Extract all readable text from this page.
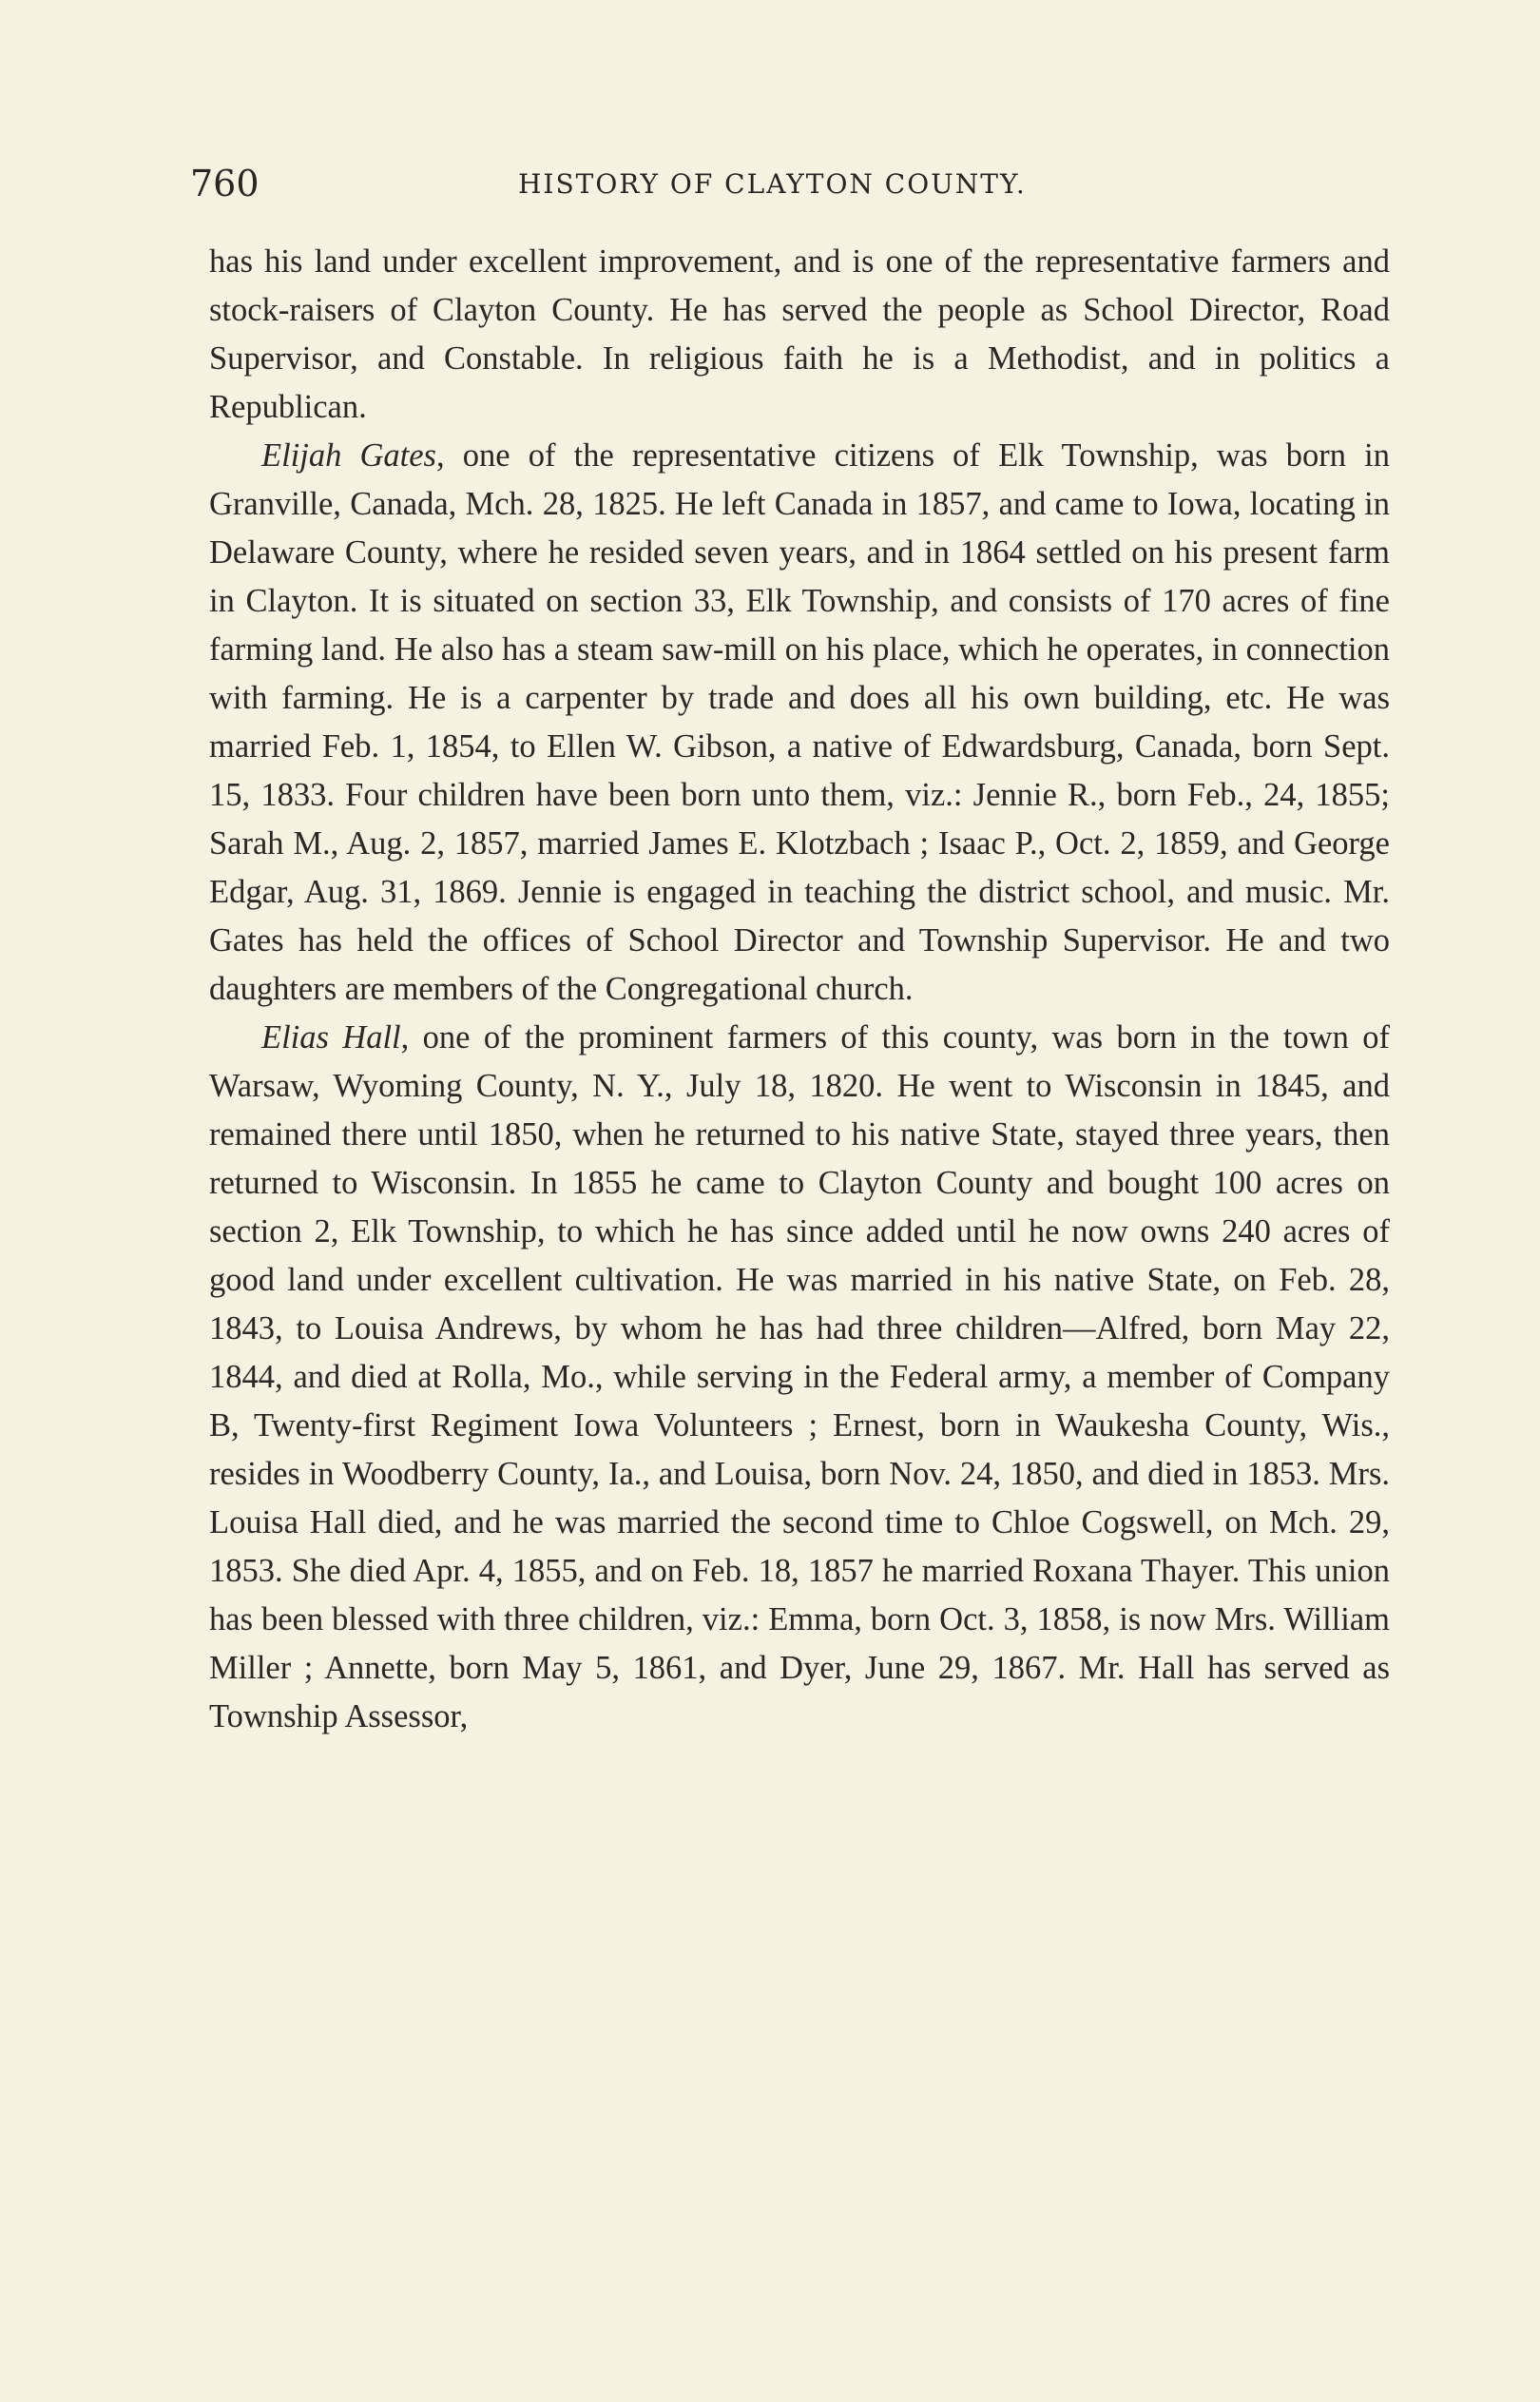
760	HISTORY OF CLAYTON COUNTY.

has his land under excellent improvement, and is one of the representative farmers and stock-raisers of Clayton County. He has served the people as School Director, Road Supervisor, and Constable. In religious faith he is a Methodist, and in politics a Republican.

Elijah Gates, one of the representative citizens of Elk Township, was born in Granville, Canada, Mch. 28, 1825. He left Canada in 1857, and came to Iowa, locating in Delaware County, where he resided seven years, and in 1864 settled on his present farm in Clayton. It is situated on section 33, Elk Township, and consists of 170 acres of fine farming land. He also has a steam saw-mill on his place, which he operates, in connection with farming. He is a carpenter by trade and does all his own building, etc. He was married Feb. 1, 1854, to Ellen W. Gibson, a native of Edwardsburg, Canada, born Sept. 15, 1833. Four children have been born unto them, viz.: Jennie R., born Feb., 24, 1855; Sarah M., Aug. 2, 1857, married James E. Klotzbach ; Isaac P., Oct. 2, 1859, and George Edgar, Aug. 31, 1869. Jennie is engaged in teaching the district school, and music. Mr. Gates has held the offices of School Director and Township Supervisor. He and two daughters are members of the Congregational church.

Elias Hall, one of the prominent farmers of this county, was born in the town of Warsaw, Wyoming County, N. Y., July 18, 1820. He went to Wisconsin in 1845, and remained there until 1850, when he returned to his native State, stayed three years, then returned to Wisconsin. In 1855 he came to Clayton County and bought 100 acres on section 2, Elk Township, to which he has since added until he now owns 240 acres of good land under excellent cultivation. He was married in his native State, on Feb. 28, 1843, to Louisa Andrews, by whom he has had three children—Alfred, born May 22, 1844, and died at Rolla, Mo., while serving in the Federal army, a member of Company B, Twenty-first Regiment Iowa Volunteers ; Ernest, born in Waukesha County, Wis., resides in Woodberry County, Ia., and Louisa, born Nov. 24, 1850, and died in 1853. Mrs. Louisa Hall died, and he was married the second time to Chloe Cogswell, on Mch. 29, 1853. She died Apr. 4, 1855, and on Feb. 18, 1857 he married Roxana Thayer. This union has been blessed with three children, viz.: Emma, born Oct. 3, 1858, is now Mrs. William Miller ; Annette, born May 5, 1861, and Dyer, June 29, 1867. Mr. Hall has served as Township Assessor,
